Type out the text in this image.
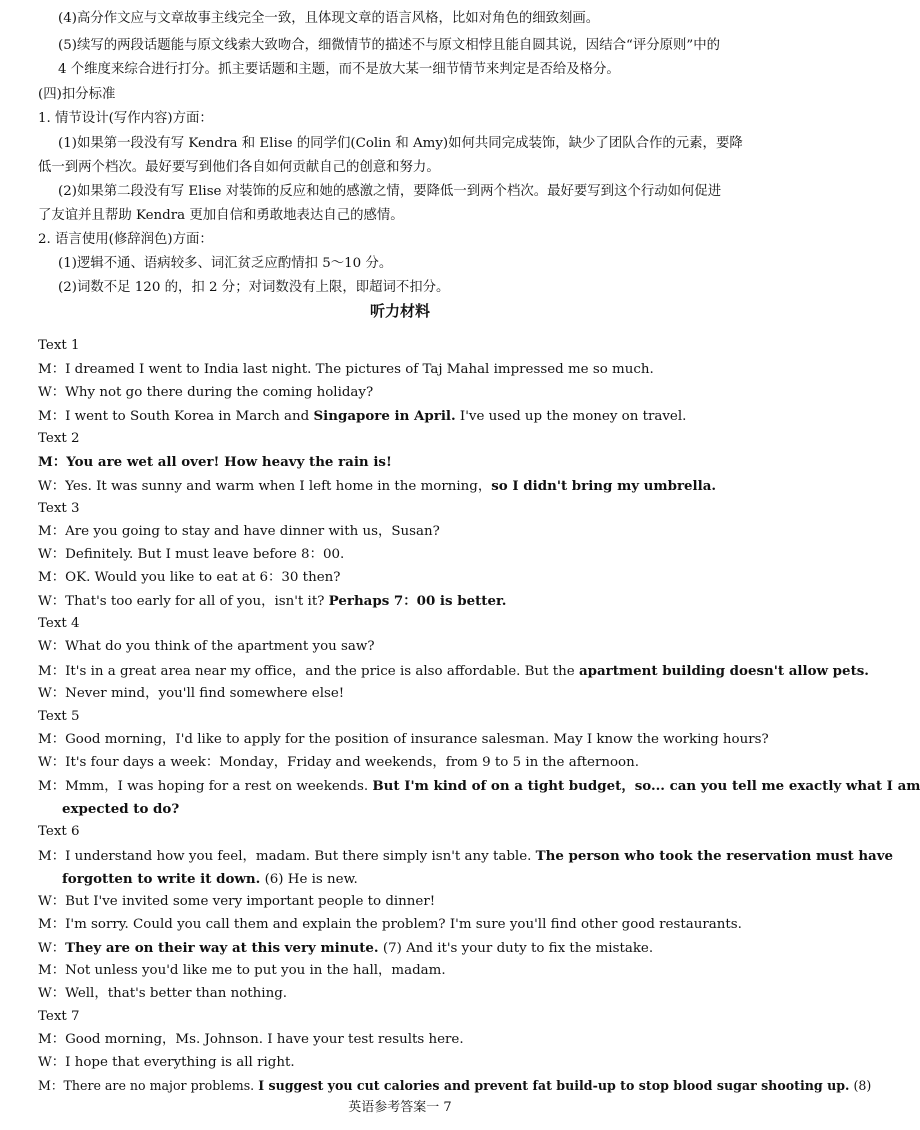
(4)高分作文应与文章故事主线完全一致，且体现文章的语言风格，比如对角色的细致刻画。
(5)续写的两段话题能与原文线索大致吻合，细微情节的描述不与原文相悖且能自圆其说，因结合“评分原则”中的
4 个维度来综合进行打分。抓主要话题和主题，而不是放大某一细节情节来判定是否给及格分。
(四)扣分标准
1. 情节设计(写作内容)方面：
(1)如果第一段没有写 Kendra 和 Elise 的同学们(Colin 和 Amy)如何共同完成装饰，缺少了团队合作的元素，要降
低一到两个档次。最好要写到他们各自如何贡献自己的创意和努力。
(2)如果第二段没有写 Elise 对装饰的反应和她的感激之情，要降低一到两个档次。最好要写到这个行动如何促进
了友谊并且帮助 Kendra 更加自信和勇敢地表达自己的感情。
2. 语言使用(修辞润色)方面：
(1)逻辑不通、语病较多、词汇贫乏应酌情扣 5～10 分。
(2)词数不足 120 的，扣 2 分；对词数没有上限，即超词不扣分。
听力材料
Text 1
M：I dreamed I went to India last night. The pictures of Taj Mahal impressed me so much.
W：Why not go there during the coming holiday?
M：I went to South Korea in March and Singapore in April. I've used up the money on travel.
Text 2
M：You are wet all over! How heavy the rain is!
W：Yes. It was sunny and warm when I left home in the morning，so I didn't bring my umbrella.
Text 3
M：Are you going to stay and have dinner with us，Susan?
W：Definitely. But I must leave before 8：00.
M：OK. Would you like to eat at 6：30 then?
W：That's too early for all of you，isn't it? Perhaps 7：00 is better.
Text 4
W：What do you think of the apartment you saw?
M：It's in a great area near my office，and the price is also affordable. But the apartment building doesn't allow pets.
W：Never mind，you'll find somewhere else!
Text 5
M：Good morning，I'd like to apply for the position of insurance salesman. May I know the working hours?
W：It's four days a week：Monday，Friday and weekends，from 9 to 5 in the afternoon.
M：Mmm，I was hoping for a rest on weekends. But I'm kind of on a tight budget，so... can you tell me exactly what I am
expected to do?
Text 6
M：I understand how you feel，madam. But there simply isn't any table. The person who took the reservation must have
forgotten to write it down. (6) He is new.
W：But I've invited some very important people to dinner!
M：I'm sorry. Could you call them and explain the problem? I'm sure you'll find other good restaurants.
W：They are on their way at this very minute. (7) And it's your duty to fix the mistake.
M：Not unless you'd like me to put you in the hall，madam.
W：Well，that's better than nothing.
Text 7
M：Good morning，Ms. Johnson. I have your test results here.
W：I hope that everything is all right.
M：There are no major problems. I suggest you cut calories and prevent fat build-up to stop blood sugar shooting up. (8)
英语参考答案一 7
